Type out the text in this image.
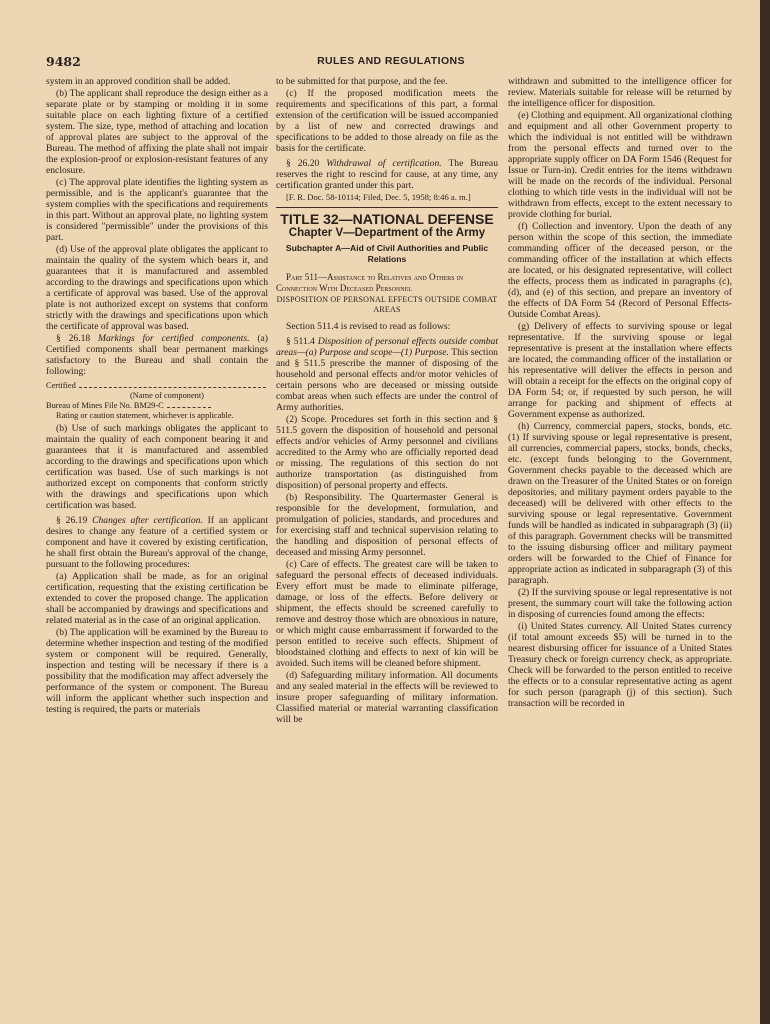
9482	RULES AND REGULATIONS

system in an approved condition shall be added.

(b) The applicant shall reproduce the design either as a separate plate or by stamping or molding it in some suitable place on each lighting fixture of a certified system. The size, type, method of attaching and location of approval plates are subject to the approval of the Bureau. The method of affixing the plate shall not impair the explosion-proof or explosion-resistant features of any enclosure.

(c) The approval plate identifies the lighting system as permissible, and is the applicant's guarantee that the system complies with the specifications and requirements in this part. Without an approval plate, no lighting system is considered "permissible" under the provisions of this part.

(d) Use of the approval plate obligates the applicant to maintain the quality of the system which bears it, and guarantees that it is manufactured and assembled according to the drawings and specifications upon which a certificate of approval was based. Use of the approval plate is not authorized except on systems that conform strictly with the drawings and specifications upon which the certificate of approval was based.

§ 26.18 Markings for certified components. (a) Certified components shall bear permanent markings satisfactory to the Bureau and shall contain the following:

Certified
(Name of component)
Bureau of Mines File No. BM29-C
Rating or caution statement, whichever is applicable.

(b) Use of such markings obligates the applicant to maintain the quality of each component bearing it and guarantees that it is manufactured and assembled according to the drawings and specifications upon which certification was based. Use of such markings is not authorized except on components that conform strictly with the drawings and specifications upon which certification was based.

§ 26.19 Changes after certification. If an applicant desires to change any feature of a certified system or component and have it covered by existing certification, he shall first obtain the Bureau's approval of the change, pursuant to the following procedures:

(a) Application shall be made, as for an original certification, requesting that the existing certification be extended to cover the proposed change. The application shall be accompanied by drawings and specifications and related material as in the case of an original application.

(b) The application will be examined by the Bureau to determine whether inspection and testing of the modified system or component will be required. Generally, inspection and testing will be necessary if there is a possibility that the modification may affect adversely the performance of the system or component. The Bureau will inform the applicant whether such inspection and testing is required, the parts or materials

to be submitted for that purpose, and the fee.

(c) If the proposed modification meets the requirements and specifications of this part, a formal extension of the certification will be issued accompanied by a list of new and corrected drawings and specifications to be added to those already on file as the basis for the certificate.

§ 26.20 Withdrawal of certification. The Bureau reserves the right to rescind for cause, at any time, any certification granted under this part.

[F. R. Doc. 58-10114; Filed, Dec. 5, 1958; 8:46 a. m.]

TITLE 32—NATIONAL DEFENSE
Chapter V—Department of the Army
Subchapter A—Aid of Civil Authorities and Public Relations

Part 511—Assistance to Relatives and Others in Connection With Deceased Personnel

DISPOSITION OF PERSONAL EFFECTS OUTSIDE COMBAT AREAS

Section 511.4 is revised to read as follows:

§ 511.4 Disposition of personal effects outside combat areas—(a) Purpose and scope—(1) Purpose. This section and § 511.5 prescribe the manner of disposing of the household and personal effects and/or motor vehicles of certain persons who are deceased or missing outside combat areas when such effects are under the control of Army authorities.

(2) Scope. Procedures set forth in this section and § 511.5 govern the disposition of household and personal effects and/or vehicles of Army personnel and civilians accredited to the Army who are officially reported dead or missing. The regulations of this section do not authorize transportation (as distinguished from disposition) of personal property and effects.

(b) Responsibility. The Quartermaster General is responsible for the development, formulation, and promulgation of policies, standards, and procedures and for exercising staff and technical supervision relating to the handling and disposition of personal effects of deceased and missing Army personnel.

(c) Care of effects. The greatest care will be taken to safeguard the personal effects of deceased individuals. Every effort must be made to eliminate pilferage, damage, or loss of the effects. Before delivery or shipment, the effects should be screened carefully to remove and destroy those which are obnoxious in nature, or which might cause embarrassment if forwarded to the person entitled to receive such effects. Shipment of bloodstained clothing and effects to next of kin will be avoided. Such items will be cleaned before shipment.

(d) Safeguarding military information. All documents and any sealed material in the effects will be reviewed to insure proper safeguarding of military information. Classified material or material warranting classification will be

withdrawn and submitted to the intelligence officer for review. Materials suitable for release will be returned by the intelligence officer for disposition.

(e) Clothing and equipment. All organizational clothing and equipment and all other Government property to which the individual is not entitled will be withdrawn from the personal effects and turned over to the appropriate supply officer on DA Form 1546 (Request for Issue or Turn-in). Credit entries for the items withdrawn will be made on the records of the individual. Personal clothing to which title vests in the individual will not be withdrawn from effects, except to the extent necessary to provide clothing for burial.

(f) Collection and inventory. Upon the death of any person within the scope of this section, the immediate commanding officer of the deceased person, or the commanding officer of the installation at which effects are located, or his designated representative, will collect the effects, process them as indicated in paragraphs (c), (d), and (e) of this section, and prepare an inventory of the effects of DA Form 54 (Record of Personal Effects-Outside Combat Areas).

(g) Delivery of effects to surviving spouse or legal representative. If the surviving spouse or legal representative is present at the installation where effects are located, the commanding officer of the installation or his representative will deliver the effects in person and will obtain a receipt for the effects on the original copy of DA Form 54; or, if requested by such person, he will arrange for packing and shipment of effects at Government expense as authorized.

(h) Currency, commercial papers, stocks, bonds, etc. (1) If surviving spouse or legal representative is present, all currencies, commercial papers, stocks, bonds, checks, etc. (except funds belonging to the Government, Government checks payable to the deceased which are drawn on the Treasurer of the United States or on foreign depositories, and military payment orders payable to the deceased) will be delivered with other effects to the surviving spouse or legal representative. Government funds will be handled as indicated in subparagraph (3) (ii) of this paragraph. Government checks will be transmitted to the issuing disbursing officer and military payment orders will be forwarded to the Chief of Finance for appropriate action as indicated in subparagraph (3) of this paragraph.

(2) If the surviving spouse or legal representative is not present, the summary court will take the following action in disposing of currencies found among the effects:

(i) United States currency. All United States currency (if total amount exceeds $5) will be turned in to the nearest disbursing officer for issuance of a United States Treasury check or foreign currency check, as appropriate. Check will be forwarded to the person entitled to receive the effects or to a consular representative acting as agent for such person (paragraph (j) of this section). Such transaction will be recorded in
